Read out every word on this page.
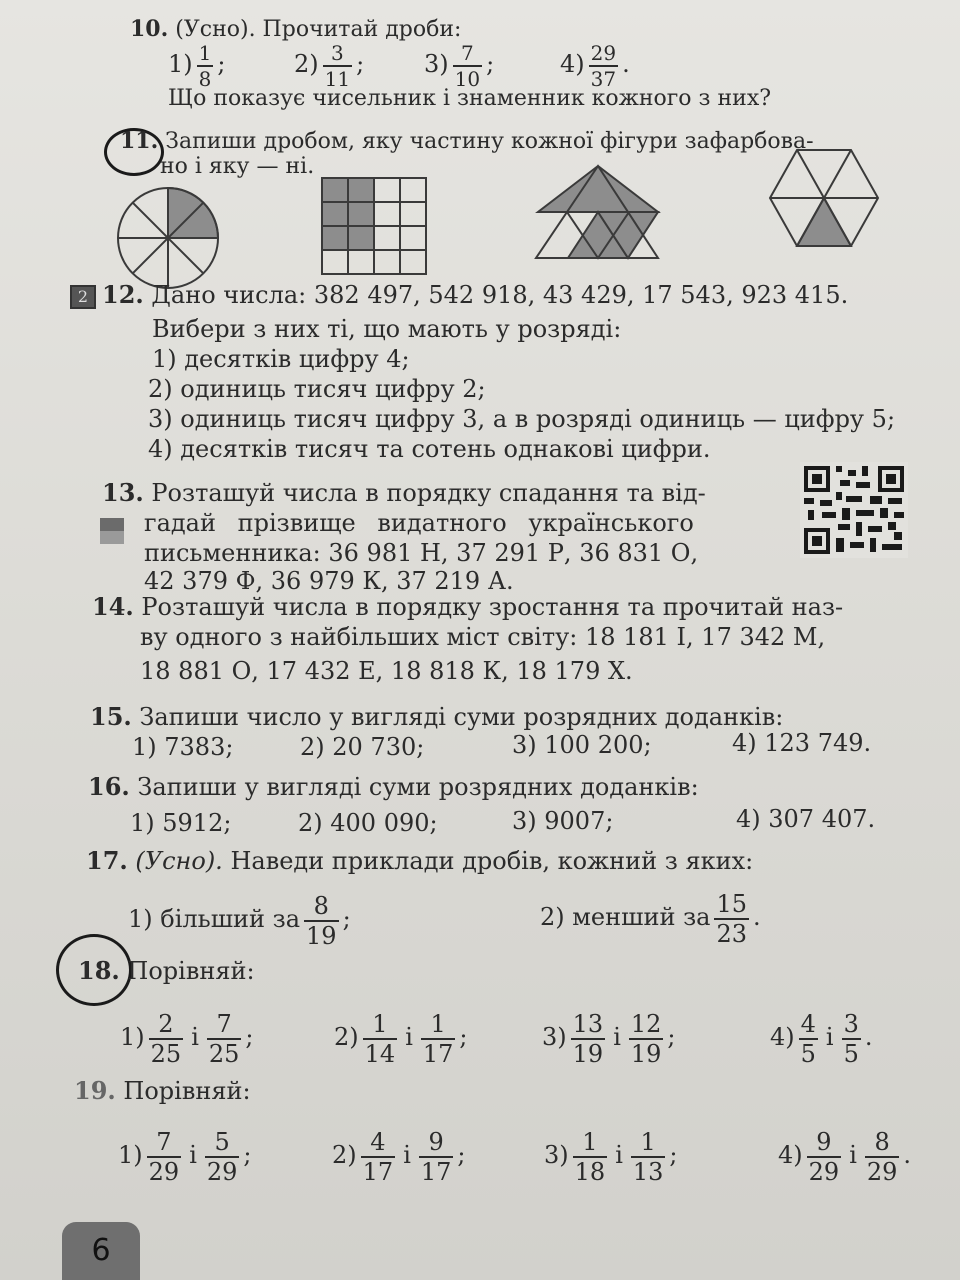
10. (Усно). Прочитай дроби:
$1) \frac{1}{8}$ ;	$2) \frac{3}{11}$ ; $3) \frac{7}{10}$ ;	$4) \frac{29}{37}$ .
Що показує чисельник і знаменник кожного з них?
11. Запиши дробом, яку частину кожної фігури зафарбова-
но і яку — ні.
2 12. Дано числа: 382 497, 542 918, 43 429, 17 543, 923 415.
Вибери з них ті, що мають у розряді:
1) десятків цифру 4;
2) одиниць тисяч цифру 2;
3) одиниць тисяч цифру 3, а в розряді одиниць — цифру 5;
4) десятків тисяч та сотень однакові цифри.
13. Розташуй числа в порядку спадання та від-
гадай прізвище видатного українського
письменника: 36 981 Н, 37 291 Р, 36 831 О,
42 379 Ф, 36 979 К, 37 219 А.
14. Розташуй числа в порядку зростання та прочитай наз-
ву одного з найбільших міст світу: 18 181 І, 17 342 М,
18 881 О, 17 432 Е, 18 818 К, 18 179 Х.
15. Запиши число у вигляді суми розрядних доданків:
1) 7383;	2) 20 730;	3) 100 200;	4) 123 749.
16. Запиши у вигляді суми розрядних доданків:
1) 5912;	2) 400 090;	3) 9007;	4) 307 407.
17. (Усно). Наведи приклади дробів, кожний з яких:
1) більший за $\frac{8}{19}$ ;	2) менший за $\frac{15}{23}$ .
18. Порівняй:
$1) \frac{2}{25}$ і $\frac{7}{25}$ ;	$2) \frac{1}{14}$ і $\frac{1}{17}$ ;	$3) \frac{13}{19}$ і $\frac{12}{19}$ ;	$4) \frac{4}{5}$ і $\frac{3}{5}$ .
19. Порівняй:
$1) \frac{7}{29}$ і $\frac{5}{29}$ ;	$2) \frac{4}{17}$ і $\frac{9}{17}$ ;	$3) \frac{1}{18}$ і $\frac{1}{13}$ ;	$4) \frac{9}{29}$ і $\frac{8}{29}$ .
6
